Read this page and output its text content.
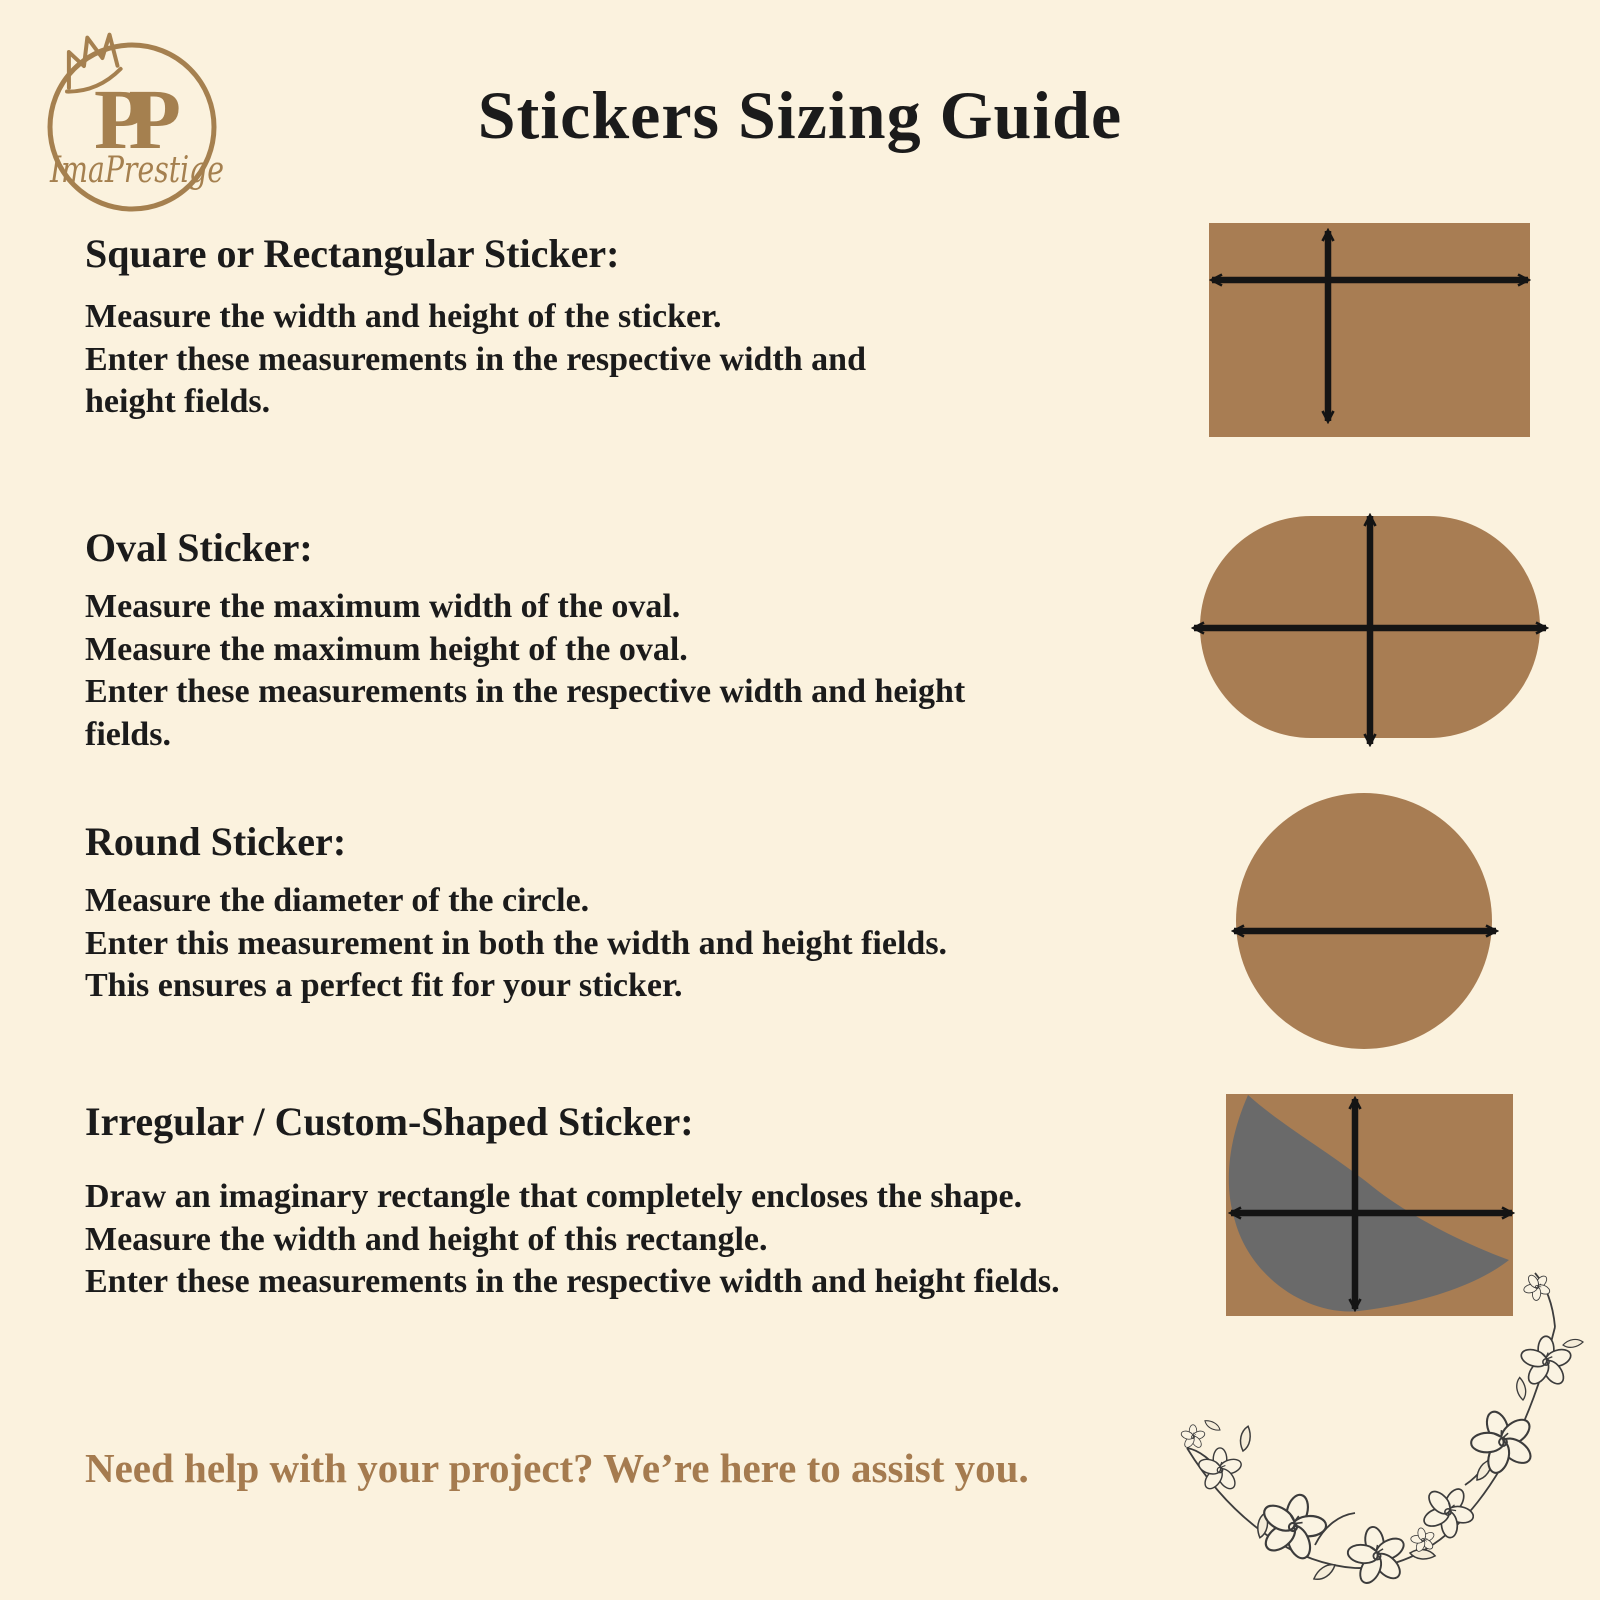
PP
ImaPrestige
Stickers Sizing Guide
Square or Rectangular Sticker:
Measure the width and height of the sticker.
Enter these measurements in the respective width and
height fields.
Oval Sticker:
Measure the maximum width of the oval.
Measure the maximum height of the oval.
Enter these measurements in the respective width and height
fields.
Round Sticker:
Measure the diameter of the circle.
Enter this measurement in both the width and height fields.
This ensures a perfect fit for your sticker.
Irregular / Custom-Shaped Sticker:
Draw an imaginary rectangle that completely encloses the shape.
Measure the width and height of this rectangle.
Enter these measurements in the respective width and height fields.
Need help with your project? We’re here to assist you.
